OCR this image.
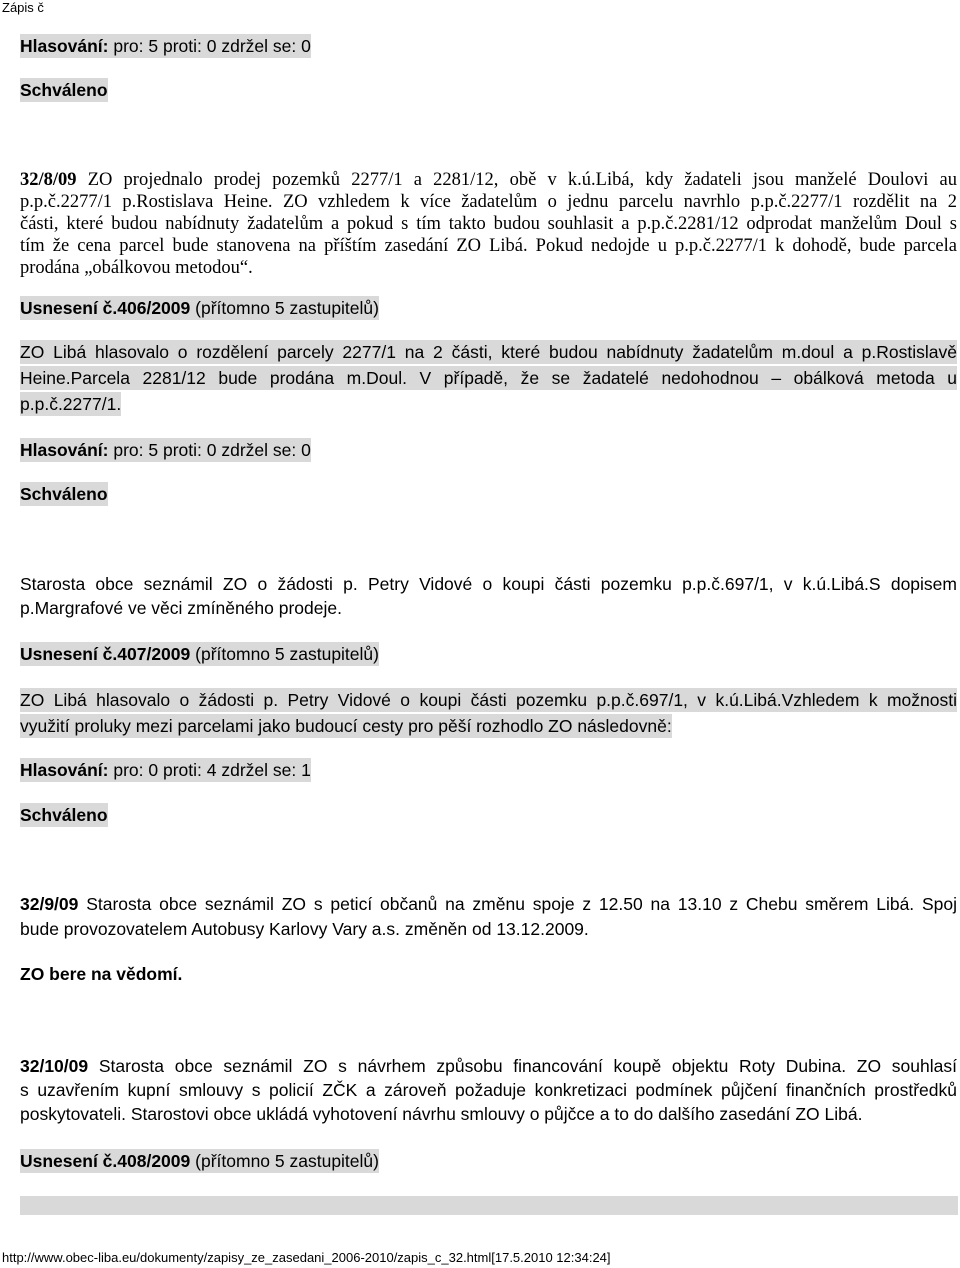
Zápis č
Hlasování: pro: 5 proti: 0 zdržel se: 0
Schváleno
32/8/09 ZO projednalo prodej pozemků 2277/1 a 2281/12, obě v k.ú.Libá, kdy žadateli jsou manželé Doulovi au
p.p.č.2277/1 p.Rostislava Heine. ZO vzhledem k více žadatelům o jednu parcelu navrhlo p.p.č.2277/1 rozdělit na 2
části, které budou nabídnuty žadatelům a pokud s tím takto budou souhlasit a p.p.č.2281/12 odprodat manželům Doul s
tím že cena parcel bude stanovena na příštím zasedání ZO Libá. Pokud nedojde u p.p.č.2277/1 k dohodě, bude parcela
prodána „obálkovou metodou“.
Usnesení č.406/2009 (přítomno 5 zastupitelů)
ZO Libá hlasovalo o rozdělení parcely 2277/1 na 2 části, které budou nabídnuty žadatelům m.doul a p.Rostislavě
Heine.Parcela 2281/12 bude prodána m.Doul. V případě, že se žadatelé nedohodnou – obálková metoda u
p.p.č.2277/1.
Hlasování: pro: 5 proti: 0 zdržel se: 0
Schváleno
Starosta obce seznámil ZO o žádosti p. Petry Vidové o koupi části pozemku p.p.č.697/1, v k.ú.Libá.S dopisem
p.Margrafové ve věci zmíněného prodeje.
Usnesení č.407/2009 (přítomno 5 zastupitelů)
ZO Libá hlasovalo o žádosti p. Petry Vidové o koupi části pozemku p.p.č.697/1, v k.ú.Libá.Vzhledem k možnosti
využití proluky mezi parcelami jako budoucí cesty pro pěší rozhodlo ZO následovně:
Hlasování: pro: 0 proti: 4 zdržel se: 1
Schváleno
32/9/09 Starosta obce seznámil ZO s peticí občanů na změnu spoje z 12.50 na 13.10 z Chebu směrem Libá. Spoj
bude provozovatelem Autobusy Karlovy Vary a.s. změněn od 13.12.2009.
ZO bere na vědomí.
32/10/09 Starosta obce seznámil ZO s návrhem způsobu financování koupě objektu Roty Dubina. ZO souhlasí
s uzavřením kupní smlouvy s policií ZČK a zároveň požaduje konkretizaci podmínek půjčení finančních prostředků
poskytovateli. Starostovi obce ukládá vyhotovení návrhu smlouvy o půjčce a to do dalšího zasedání ZO Libá.
Usnesení č.408/2009 (přítomno 5 zastupitelů)
http://www.obec-liba.eu/dokumenty/zapisy_ze_zasedani_2006-2010/zapis_c_32.html[17.5.2010 12:34:24]
